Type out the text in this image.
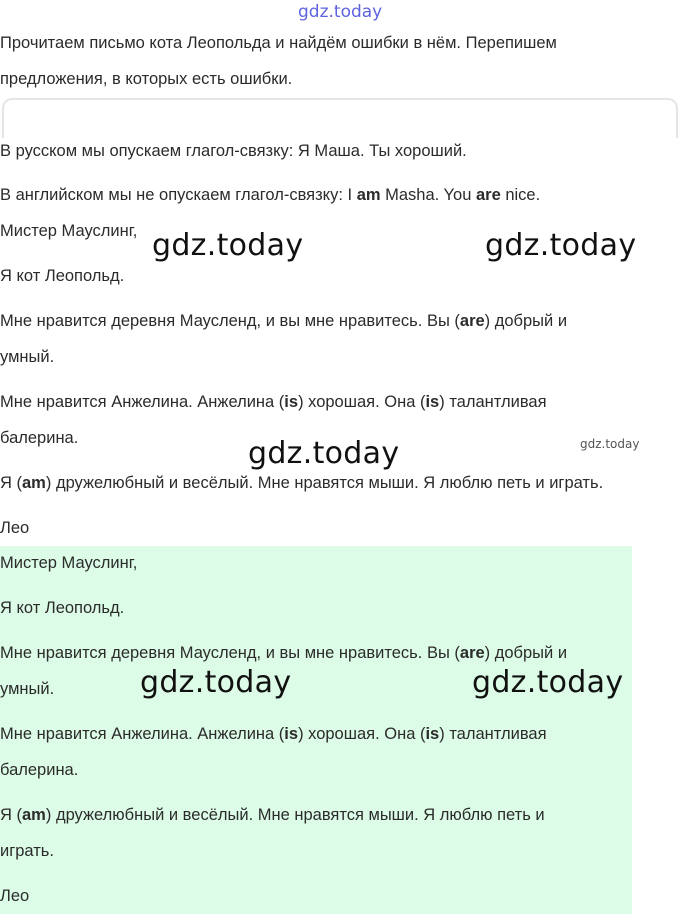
gdz.today
Прочитаем письмо кота Леопольда и найдём ошибки в нём. Перепишем
предложения, в которых есть ошибки.
В русском мы опускаем глагол-связку: Я Маша. Ты хороший.
В английском мы не опускаем глагол-связку: I am Masha. You are nice.
Мистер Мауслинг,
Я кот Леопольд.
Мне нравится деревня Маусленд, и вы мне нравитесь. Вы (are) добрый и
умный.
Мне нравится Анжелина. Анжелина (is) хорошая. Она (is) талантливая
балерина.
Я (am) дружелюбный и весёлый. Мне нравятся мыши. Я люблю петь и играть.
Лео
Мистер Мауслинг,
Я кот Леопольд.
Мне нравится деревня Маусленд, и вы мне нравитесь. Вы (are) добрый и
умный.
Мне нравится Анжелина. Анжелина (is) хорошая. Она (is) талантливая
балерина.
Я (am) дружелюбный и весёлый. Мне нравятся мыши. Я люблю петь и
играть.
Лео
gdz.today	gdz.today
gdz.today	gdz.today
gdz.today	gdz.today
